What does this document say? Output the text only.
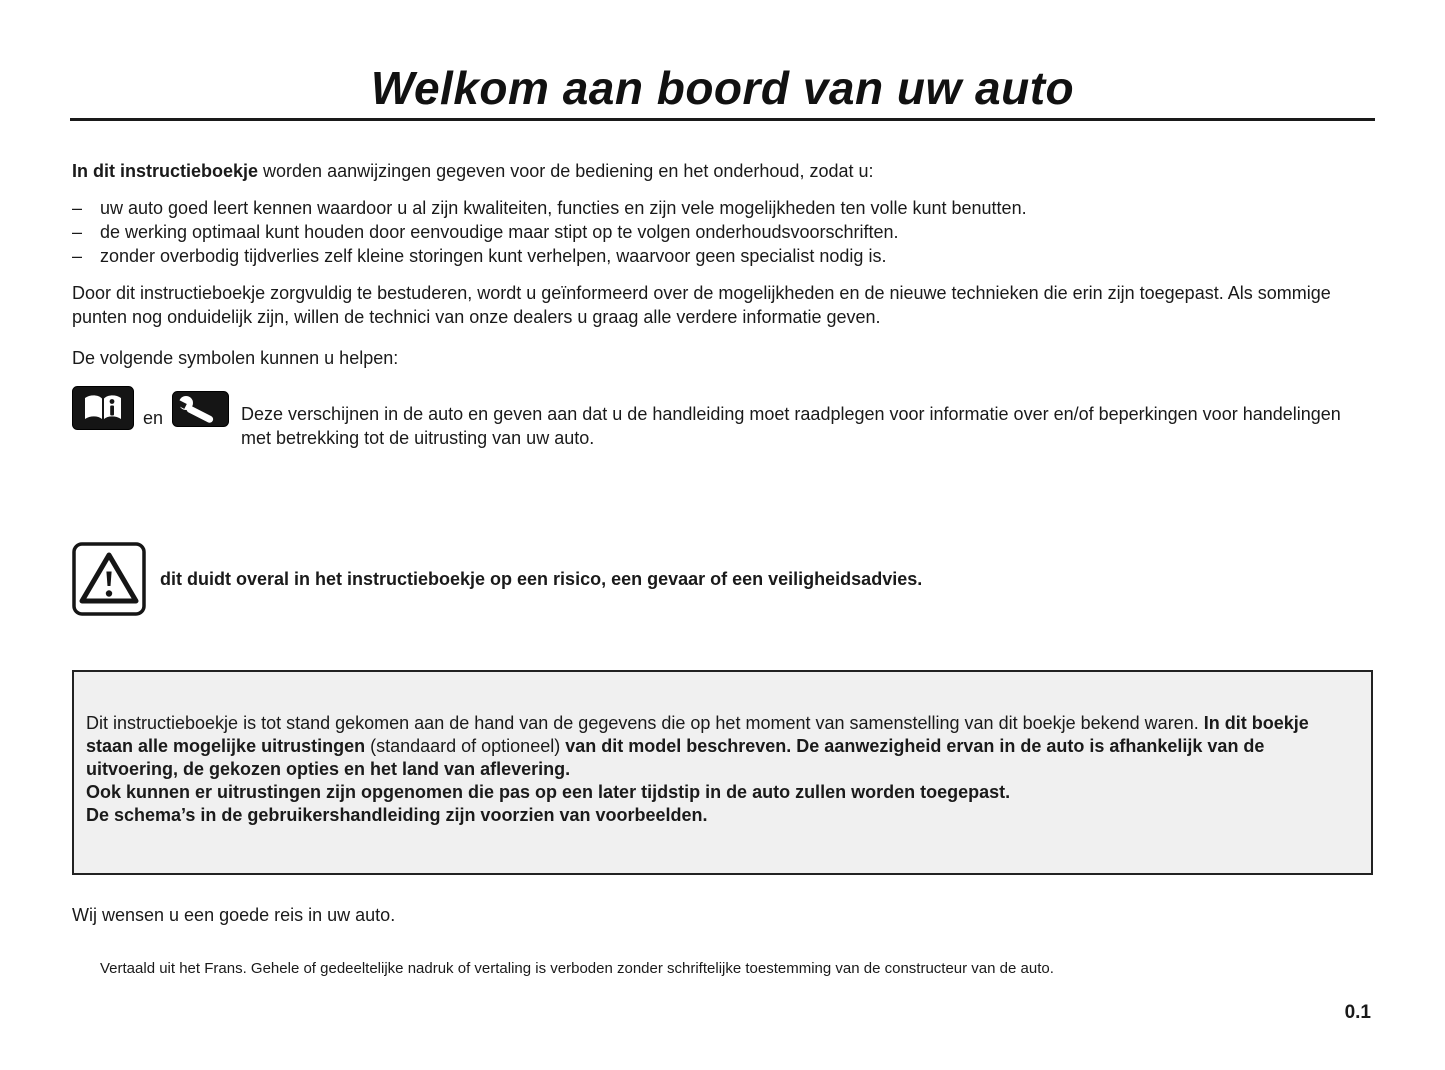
Welkom aan boord van uw auto

In dit instructieboekje worden aanwijzingen gegeven voor de bediening en het onderhoud, zodat u:

– uw auto goed leert kennen waardoor u al zijn kwaliteiten, functies en zijn vele mogelijkheden ten volle kunt benutten.
– de werking optimaal kunt houden door eenvoudige maar stipt op te volgen onderhoudsvoorschriften.
– zonder overbodig tijdverlies zelf kleine storingen kunt verhelpen, waarvoor geen specialist nodig is.

Door dit instructieboekje zorgvuldig te bestuderen, wordt u geïnformeerd over de mogelijkheden en de nieuwe technieken die erin zijn toegepast. Als sommige punten nog onduidelijk zijn, willen de technici van onze dealers u graag alle verdere informatie geven.

De volgende symbolen kunnen u helpen:

en	Deze verschijnen in de auto en geven aan dat u de handleiding moet raadplegen voor informatie over en/of beperkingen voor handelingen met betrekking tot de uitrusting van uw auto.

dit duidt overal in het instructieboekje op een risico, een gevaar of een veiligheidsadvies.

Dit instructieboekje is tot stand gekomen aan de hand van de gegevens die op het moment van samenstelling van dit boekje bekend waren. In dit boekje staan alle mogelijke uitrustingen (standaard of optioneel) van dit model beschreven. De aanwezigheid ervan in de auto is afhankelijk van de uitvoering, de gekozen opties en het land van aflevering.

Ook kunnen er uitrustingen zijn opgenomen die pas op een later tijdstip in de auto zullen worden toegepast.

De schema’s in de gebruikershandleiding zijn voorzien van voorbeelden.

Wij wensen u een goede reis in uw auto.

Vertaald uit het Frans. Gehele of gedeeltelijke nadruk of vertaling is verboden zonder schriftelijke toestemming van de constructeur van de auto.

0.1
